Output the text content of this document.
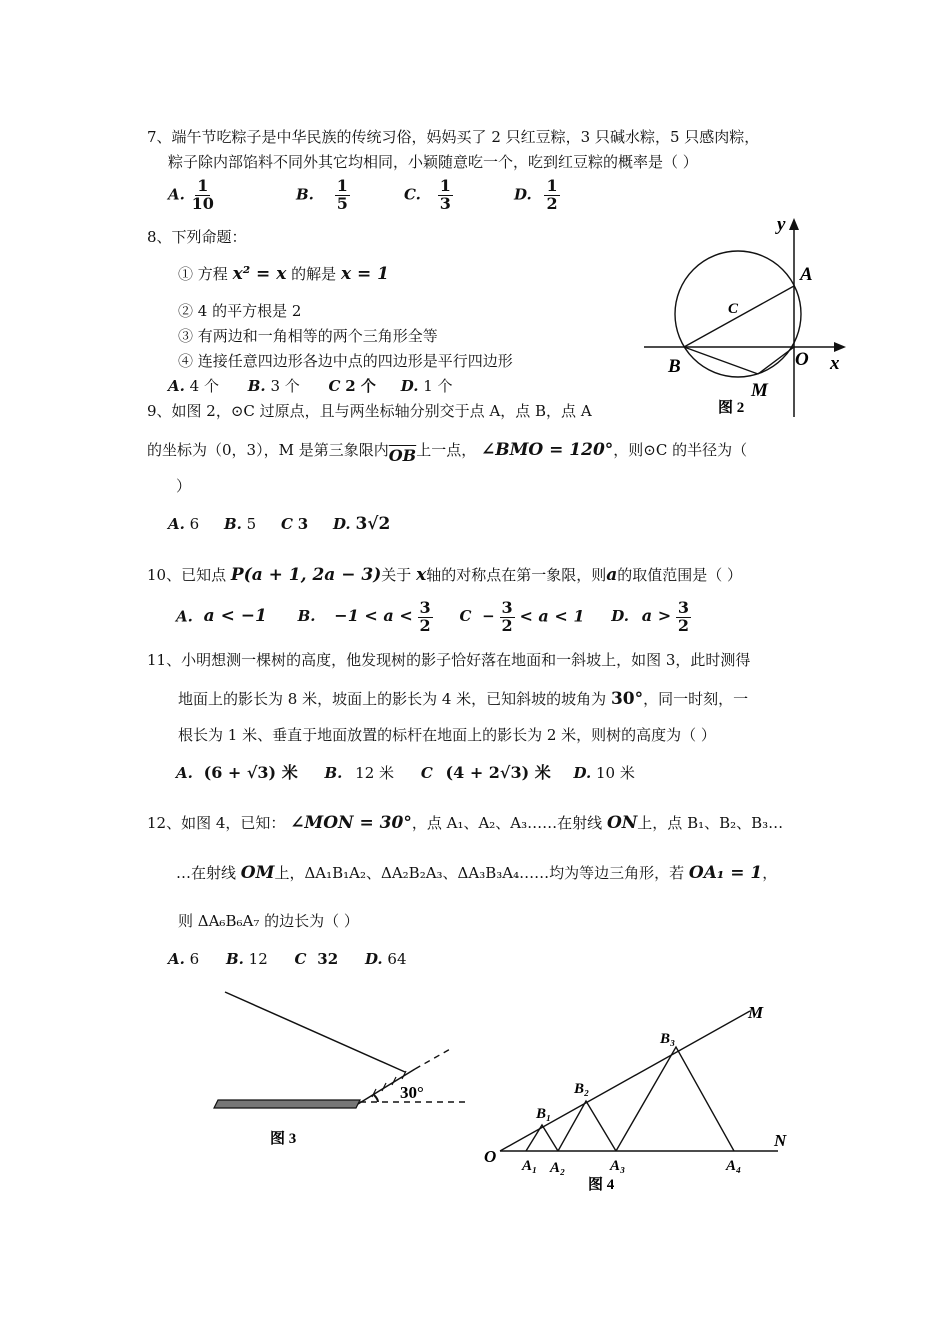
7、端午节吃粽子是中华民族的传统习俗，妈妈买了 2 只红豆粽，3 只碱水粽，5 只感肉粽，
粽子除内部馅料不同外其它均相同，小颖随意吃一个，吃到红豆粽的概率是（ ）
A. $\frac{1}{10}$	B. $\frac{1}{5}$	C. $\frac{1}{3}$	D. $\frac{1}{2}$
8、下列命题：
① 方程 x² = x 的解是 x = 1
② 4 的平方根是 2
③ 有两边和一角相等的两个三角形全等
④ 连接任意四边形各边中点的四边形是平行四边形
A. 4 个 B. 3 个 C 2 个 D. 1 个
y
A
C
B	O x
M
图 2
9、如图 2，⊙C 过原点，且与两坐标轴分别交于点 A，点 B，点 A
的坐标为（0，3），M 是第三象限内$\overline{OB}$上一点， ∠BMO = 120°，则⊙C 的半径为（
）
A. 6 B. 5 C 3 D. 3√2
10、已知点 P(a + 1, 2a − 3)关于 x轴的对称点在第一象限，则a的取值范围是（ ）
A. a < −1 B. $-1 < a < \frac{3}{2}$ $C - \frac{3}{2} < a < 1$ D. $a > \frac{3}{2}$
11、小明想测一棵树的高度，他发现树的影子恰好落在地面和一斜坡上，如图 3，此时测得
地面上的影长为 8 米，坡面上的影长为 4 米，已知斜坡的坡角为 30°，同一时刻，一
根长为 1 米、垂直于地面放置的标杆在地面上的影长为 2 米，则树的高度为（ ）
A. (6 + √3) 米 B. 12 米 C (4 + 2√3) 米 D. 10 米
12、如图 4，已知： ∠MON = 30°，点 A₁、A₂、A₃……在射线 ON上，点 B₁、B₂、B₃…
…在射线 OM上，ΔA₁B₁A₂、ΔA₂B₂A₃、ΔA₃B₃A₄……均为等边三角形，若 OA₁ = 1，
则 ΔA₆B₆A₇ 的边长为（ ）
A. 6 B. 12 C 32 D. 64
30°
图 3
O
M
N
B₁
B₂
B₃
A₁ A₂	A₃	A₄
图 4
